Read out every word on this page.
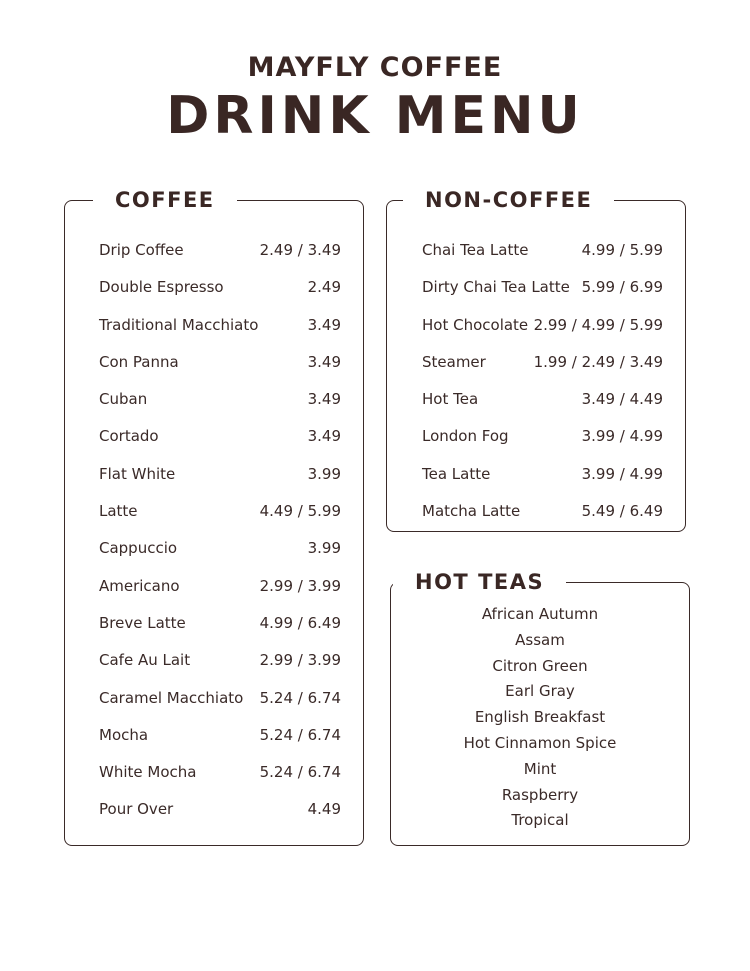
MAYFLY COFFEE
DRINK MENU
COFFEE
Drip Coffee	2.49 / 3.49
Double Espresso	2.49
Traditional Macchiato	3.49
Con Panna	3.49
Cuban	3.49
Cortado	3.49
Flat White	3.99
Latte	4.49 / 5.99
Cappuccio	3.99
Americano	2.99 / 3.99
Breve Latte	4.99 / 6.49
Cafe Au Lait	2.99 / 3.99
Caramel Macchiato 5.24 / 6.74
Mocha	5.24 / 6.74
White Mocha	5.24 / 6.74
Pour Over	4.49
NON-COFFEE
Chai Tea Latte	4.99 / 5.99
Dirty Chai Tea Latte 5.99 / 6.99
Hot Chocolate 2.99 / 4.99 / 5.99
Steamer	1.99 / 2.49 / 3.49
Hot Tea	3.49 / 4.49
London Fog	3.99 / 4.99
Tea Latte	3.99 / 4.99
Matcha Latte	5.49 / 6.49
HOT TEAS
African Autumn
Assam
Citron Green
Earl Gray
English Breakfast
Hot Cinnamon Spice
Mint
Raspberry
Tropical
